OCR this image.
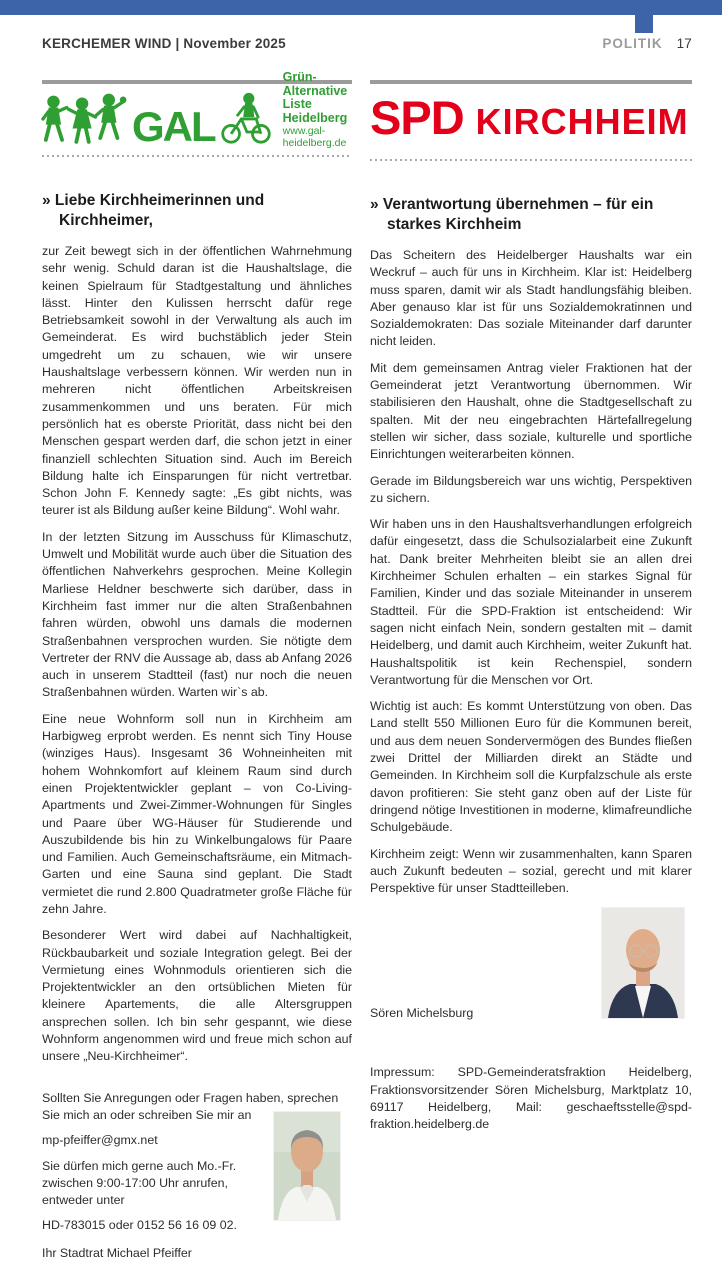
KERCHEMER WIND | November 2025	POLITIK 17
GAL
Grün-Alternative
Liste Heidelberg
www.gal-heidelberg.de
» Liebe Kirchheimerinnen und Kirchheimer,

zur Zeit bewegt sich in der öffentlichen Wahrnehmung sehr wenig. Schuld daran ist die Haushaltslage, die keinen Spielraum für Stadtgestaltung und ähnliches lässt. Hinter den Kulissen herrscht dafür rege Betriebsamkeit sowohl in der Verwaltung als auch im Gemeinderat. Es wird buchstäblich jeder Stein umgedreht um zu schauen, wie wir unsere Haushaltslage verbessern können. Wir werden nun in mehreren nicht öffentlichen Arbeitskreisen zusammenkommen und uns beraten. Für mich persönlich hat es oberste Priorität, dass nicht bei den Menschen gespart werden darf, die schon jetzt in einer finanziell schlechten Situation sind. Auch im Bereich Bildung halte ich Einsparungen für nicht vertretbar. Schon John F. Kennedy sagte: „Es gibt nichts, was teurer ist als Bildung außer keine Bildung“. Wohl wahr.

In der letzten Sitzung im Ausschuss für Klimaschutz, Umwelt und Mobilität wurde auch über die Situation des öffentlichen Nahverkehrs gesprochen. Meine Kollegin Marliese Heldner beschwerte sich darüber, dass in Kirchheim fast immer nur die alten Straßenbahnen fahren würden, obwohl uns damals die modernen Straßenbahnen versprochen wurden. Sie nötigte dem Vertreter der RNV die Aussage ab, dass ab Anfang 2026 auch in unserem Stadtteil (fast) nur noch die neuen Straßenbahnen würden. Warten wir`s ab.

Eine neue Wohnform soll nun in Kirchheim am Harbigweg erprobt werden. Es nennt sich Tiny House (winziges Haus). Insgesamt 36 Wohneinheiten mit hohem Wohnkomfort auf kleinem Raum sind durch einen Projektentwickler geplant – von Co-Living-Apartments und Zwei-Zimmer-Wohnungen für Singles und Paare über WG-Häuser für Studierende und Auszubildende bis hin zu Winkelbungalows für Paare und Familien. Auch Gemeinschaftsräume, ein Mitmach-Garten und eine Sauna sind geplant. Die Stadt vermietet die rund 2.800 Quadratmeter große Fläche für zehn Jahre.

Besonderer Wert wird dabei auf Nachhaltigkeit, Rückbaubarkeit und soziale Integration gelegt. Bei der Vermietung eines Wohnmoduls orientieren sich die Projektentwickler an den ortsüblichen Mieten für kleinere Apartements, die alle Altersgruppen ansprechen sollen. Ich bin sehr gespannt, wie diese Wohnform angenommen wird und freue mich schon auf unsere „Neu-Kirchheimer“.

Sollten Sie Anregungen oder Fragen haben, sprechen Sie mich an oder schreiben Sie mir an

mp-pfeiffer@gmx.net

Sie dürfen mich gerne auch Mo.-Fr. zwischen 9:00-17:00 Uhr anrufen, entweder unter

HD-783015 oder 0152 56 16 09 02.

Ihr Stadtrat Michael Pfeiffer

SPD KIRCHHEIM
» Verantwortung übernehmen – für ein starkes Kirchheim

Das Scheitern des Heidelberger Haushalts war ein Weckruf – auch für uns in Kirchheim. Klar ist: Heidelberg muss sparen, damit wir als Stadt handlungsfähig bleiben. Aber genauso klar ist für uns Sozialdemokratinnen und Sozialdemokraten: Das soziale Miteinander darf darunter nicht leiden.

Mit dem gemeinsamen Antrag vieler Fraktionen hat der Gemeinderat jetzt Verantwortung übernommen. Wir stabilisieren den Haushalt, ohne die Stadtgesellschaft zu spalten. Mit der neu eingebrachten Härtefallregelung stellen wir sicher, dass soziale, kulturelle und sportliche Einrichtungen weiterarbeiten können.

Gerade im Bildungsbereich war uns wichtig, Perspektiven zu sichern.

Wir haben uns in den Haushaltsverhandlungen erfolgreich dafür eingesetzt, dass die Schulsozialarbeit eine Zukunft hat. Dank breiter Mehrheiten bleibt sie an allen drei Kirchheimer Schulen erhalten – ein starkes Signal für Familien, Kinder und das soziale Miteinander in unserem Stadtteil. Für die SPD-Fraktion ist entscheidend: Wir sagen nicht einfach Nein, sondern gestalten mit – damit Heidelberg, und damit auch Kirchheim, weiter Zukunft hat. Haushaltspolitik ist kein Rechenspiel, sondern Verantwortung für die Menschen vor Ort.

Wichtig ist auch: Es kommt Unterstützung von oben. Das Land stellt 550 Millionen Euro für die Kommunen bereit, und aus dem neuen Sondervermögen des Bundes fließen zwei Drittel der Milliarden direkt an Städte und Gemeinden. In Kirchheim soll die Kurpfalzschule als erste davon profitieren: Sie steht ganz oben auf der Liste für dringend nötige Investitionen in moderne, klimafreundliche Schulgebäude.

Kirchheim zeigt: Wenn wir zusammenhalten, kann Sparen auch Zukunft bedeuten – sozial, gerecht und mit klarer Perspektive für unser Stadtteilleben.

Sören Michelsburg

Impressum: SPD-Gemeinderatsfraktion Heidelberg, Fraktionsvorsitzender Sören Michelsburg, Marktplatz 10, 69117 Heidelberg, Mail: geschaeftsstelle@spd-fraktion.heidelberg.de
